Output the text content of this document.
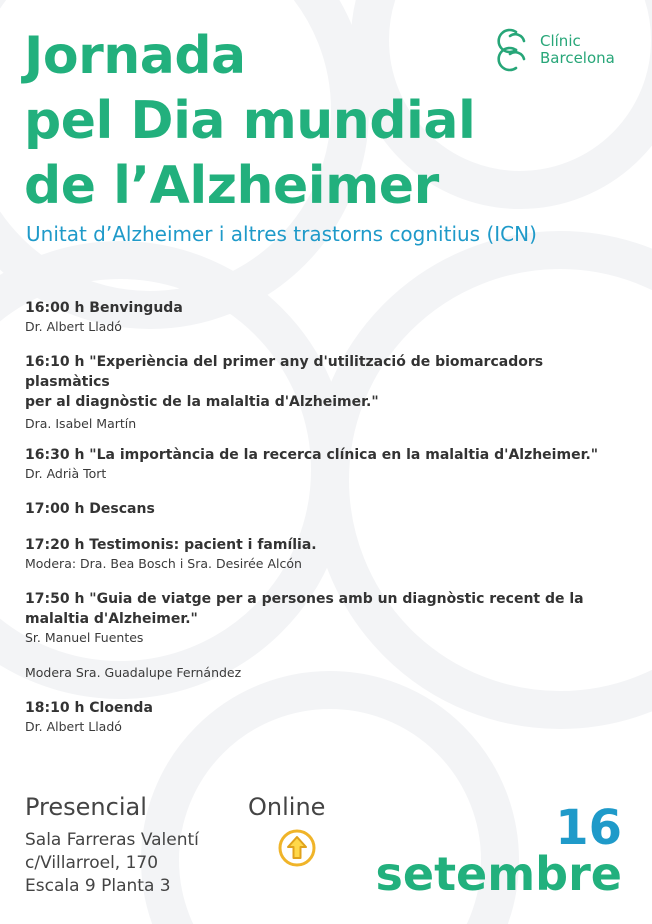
Clínic
Barcelona
Jornada
pel Dia mundial
de l’Alzheimer
Unitat d’Alzheimer i altres trastorns cognitius (ICN)
16:00 h Benvinguda
Dr. Albert Lladó
16:10 h "Experiència del primer any d'utilització de biomarcadors plasmàtics
per al diagnòstic de la malaltia d'Alzheimer."
Dra. Isabel Martín
16:30 h "La importància de la recerca clínica en la malaltia d'Alzheimer."
Dr. Adrià Tort
17:00 h Descans
17:20 h Testimonis: pacient i família.
Modera: Dra. Bea Bosch i Sra. Desirée Alcón
17:50 h "Guia de viatge per a persones amb un diagnòstic recent de la
malaltia d'Alzheimer."
Sr. Manuel Fuentes
Modera Sra. Guadalupe Fernández
18:10 h Cloenda
Dr. Albert Lladó
Presencial
Sala Farreras Valentí
c/Villarroel, 170
Escala 9 Planta 3
Online	16
setembre
